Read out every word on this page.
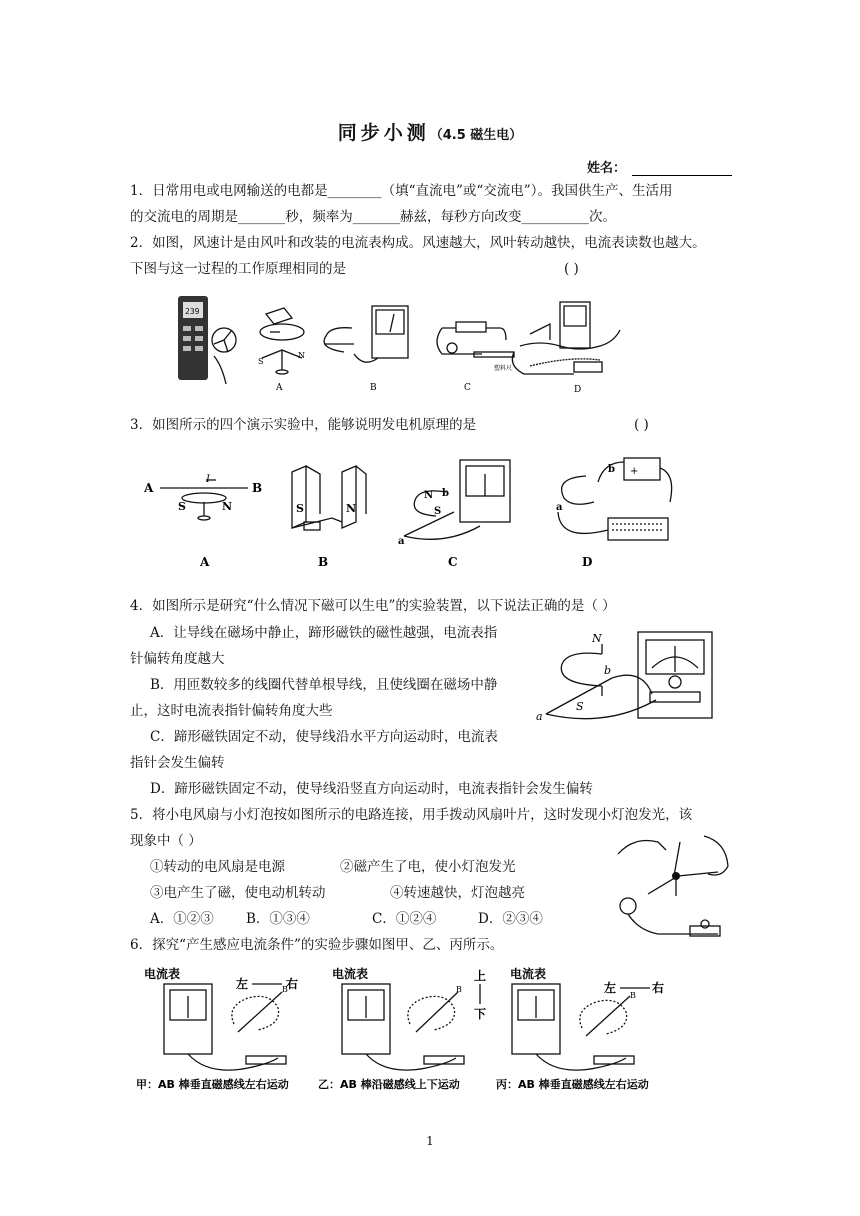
同步小测（4.5 磁生电）
姓名：
1．日常用电或电网输送的电都是________（填“直流电”或“交流电”）。我国供生产、生活用
的交流电的周期是_______秒，频率为_______赫兹，每秒方向改变__________次。
2．如图，风速计是由风叶和改装的电流表构成。风速越大，风叶转动越快，电流表读数也越大。
下图与这一过程的工作原理相同的是	( )
239
S
N
A	B
塑料尺
C	D
3．如图所示的四个演示实验中，能够说明发电机原理的是	( )
A	B
I
S	N
A
S	N
B
N
S
b
a
C
a
b +
D
4．如图所示是研究“什么情况下磁可以生电”的实验装置，以下说法正确的是（ ）
A．让导线在磁场中静止，蹄形磁铁的磁性越强，电流表指
针偏转角度越大
B．用匝数较多的线圈代替单根导线，且使线圈在磁场中静
止，这时电流表指针偏转角度大些
C．蹄形磁铁固定不动，使导线沿水平方向运动时，电流表
指针会发生偏转
D．蹄形磁铁固定不动，使导线沿竖直方向运动时，电流表指针会发生偏转
N
S
a
b
5．将小电风扇与小灯泡按如图所示的电路连接，用手拨动风扇叶片，这时发现小灯泡发光，该
现象中（ ）
①转动的电风扇是电源	②磁产生了电，使小灯泡发光
③电产生了磁，使电动机转动	④转速越快，灯泡越亮
A．①②③ B．①③④	C．①②④	D．②③④
6．探究“产生感应电流条件”的实验步骤如图甲、乙、丙所示。
电流表
左	右
B
电流表	上
下
B
电流表
左	右
B
甲：AB 棒垂直磁感线左右运动	乙：AB 棒沿磁感线上下运动	丙：AB 棒垂直磁感线左右运动
1
